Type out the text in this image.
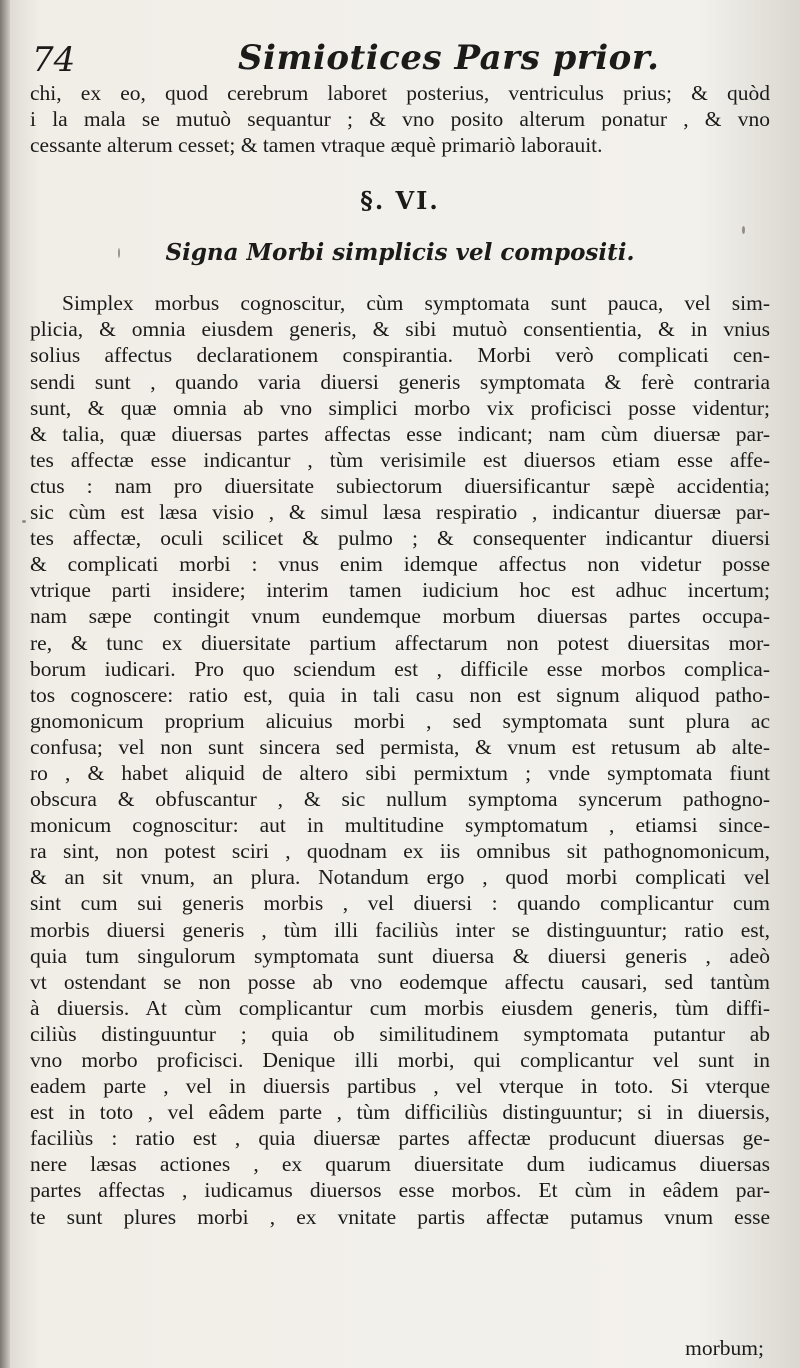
74	Simiotices Pars prior.
chi, ex eo, quod cerebrum laboret posterius, ventriculus prius; & quòd
i la mala se mutuò sequantur ; & vno posito alterum ponatur , & vno
cessante alterum cesset; & tamen vtraque æquè primariò laborauit.
§. VI.
Signa Morbi simplicis vel compositi.
Simplex morbus cognoscitur, cùm symptomata sunt pauca, vel sim-
plicia, & omnia eiusdem generis, & sibi mutuò consentientia, & in vnius
solius affectus declarationem conspirantia. Morbi verò complicati cen-
sendi sunt , quando varia diuersi generis symptomata & ferè contraria
sunt, & quæ omnia ab vno simplici morbo vix proficisci posse videntur;
& talia, quæ diuersas partes affectas esse indicant; nam cùm diuersæ par-
tes affectæ esse indicantur , tùm verisimile est diuersos etiam esse affe-
ctus : nam pro diuersitate subiectorum diuersificantur sæpè accidentia;
sic cùm est læsa visio , & simul læsa respiratio , indicantur diuersæ par-
tes affectæ, oculi scilicet & pulmo ; & consequenter indicantur diuersi
& complicati morbi : vnus enim idemque affectus non videtur posse
vtrique parti insidere; interim tamen iudicium hoc est adhuc incertum;
nam sæpe contingit vnum eundemque morbum diuersas partes occupa-
re, & tunc ex diuersitate partium affectarum non potest diuersitas mor-
borum iudicari. Pro quo sciendum est , difficile esse morbos complica-
tos cognoscere: ratio est, quia in tali casu non est signum aliquod patho-
gnomonicum proprium alicuius morbi , sed symptomata sunt plura ac
confusa; vel non sunt sincera sed permista, & vnum est retusum ab alte-
ro , & habet aliquid de altero sibi permixtum ; vnde symptomata fiunt
obscura & obfuscantur , & sic nullum symptoma syncerum pathogno-
monicum cognoscitur: aut in multitudine symptomatum , etiamsi since-
ra sint, non potest sciri , quodnam ex iis omnibus sit pathognomonicum,
& an sit vnum, an plura. Notandum ergo , quod morbi complicati vel
sint cum sui generis morbis , vel diuersi : quando complicantur cum
morbis diuersi generis , tùm illi faciliùs inter se distinguuntur; ratio est,
quia tum singulorum symptomata sunt diuersa & diuersi generis , adeò
vt ostendant se non posse ab vno eodemque affectu causari, sed tantùm
à diuersis. At cùm complicantur cum morbis eiusdem generis, tùm diffi-
ciliùs distinguuntur ; quia ob similitudinem symptomata putantur ab
vno morbo proficisci. Denique illi morbi, qui complicantur vel sunt in
eadem parte , vel in diuersis partibus , vel vterque in toto. Si vterque
est in toto , vel eâdem parte , tùm difficiliùs distinguuntur; si in diuersis,
faciliùs : ratio est , quia diuersæ partes affectæ producunt diuersas ge-
nere læsas actiones , ex quarum diuersitate dum iudicamus diuersas
partes affectas , iudicamus diuersos esse morbos. Et cùm in eâdem par-
te sunt plures morbi , ex vnitate partis affectæ putamus vnum esse
morbum;
